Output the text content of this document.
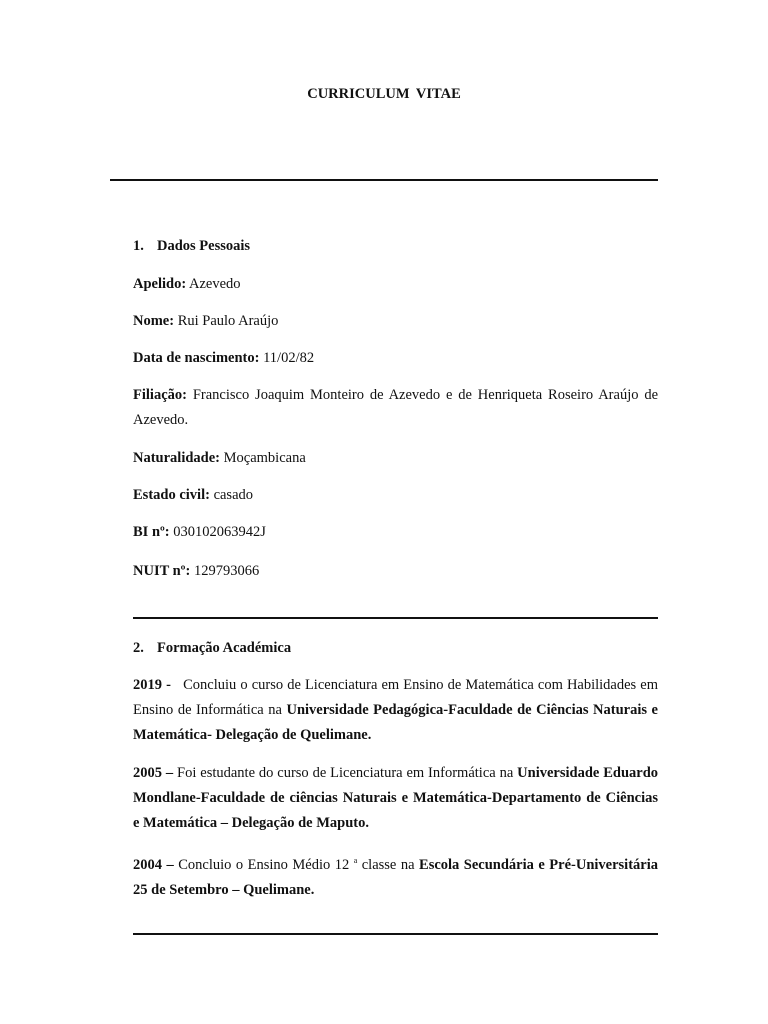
CURRICULUM VITAE
1. Dados Pessoais
Apelido: Azevedo
Nome: Rui Paulo Araújo
Data de nascimento: 11/02/82
Filiação: Francisco Joaquim Monteiro de Azevedo e de Henriqueta Roseiro Araújo de Azevedo.
Naturalidade: Moçambicana
Estado civil: casado
BI nº: 030102063942J
NUIT nº: 129793066
2. Formação Académica
2019 - Concluiu o curso de Licenciatura em Ensino de Matemática com Habilidades em Ensino de Informática na Universidade Pedagógica-Faculdade de Ciências Naturais e Matemática- Delegação de Quelimane.
2005 – Foi estudante do curso de Licenciatura em Informática na Universidade Eduardo Mondlane-Faculdade de ciências Naturais e Matemática-Departamento de Ciências e Matemática – Delegação de Maputo.
2004 – Concluio o Ensino Médio 12 $^a$ classe na Escola Secundária e Pré-Universitária 25 de Setembro – Quelimane.
